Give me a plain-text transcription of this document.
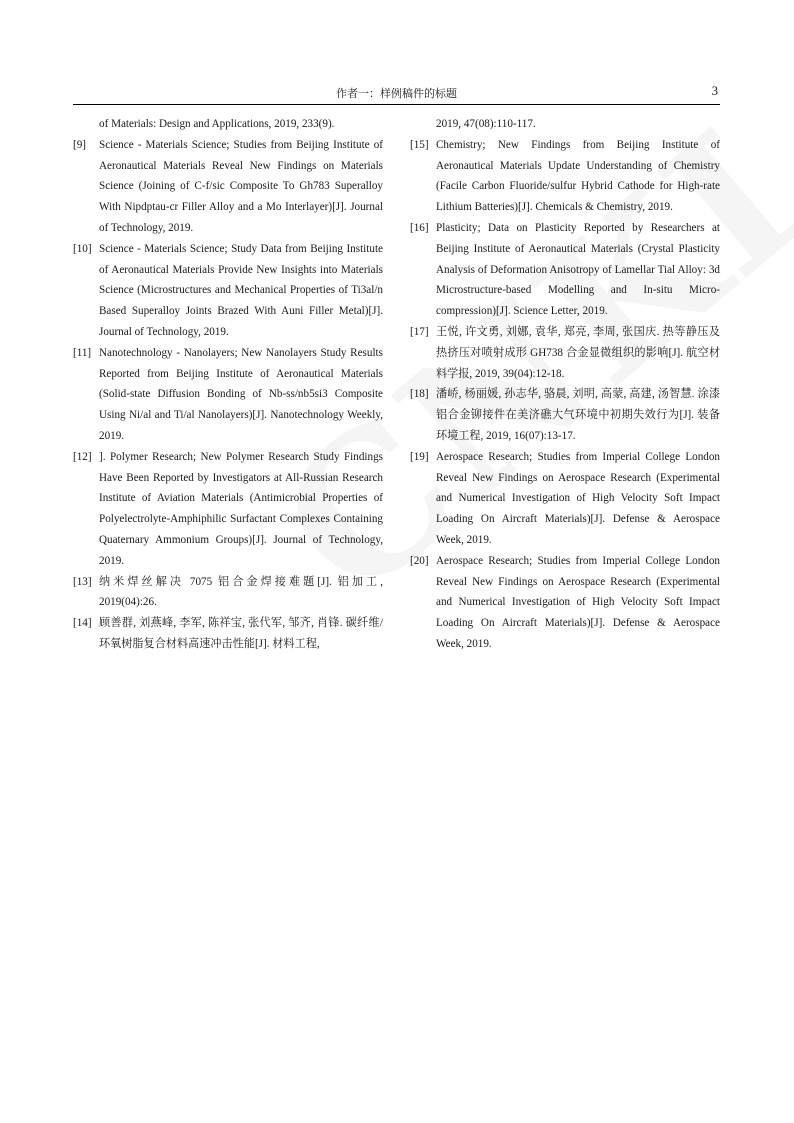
作者一：样例稿件的标题	3
of Materials: Design and Applications, 2019, 233(9).
[9]	Science - Materials Science; Studies from Beijing Institute of Aeronautical Materials Reveal New Findings on Materials Science (Joining of C-f/sic Composite To Gh783 Superalloy With Nipdptau-cr Filler Alloy and a Mo Interlayer)[J]. Journal of Technology, 2019.
[10] Science - Materials Science; Study Data from Beijing Institute of Aeronautical Materials Provide New Insights into Materials Science (Microstructures and Mechanical Properties of Ti3al/n Based Superalloy Joints Brazed With Auni Filler Metal)[J]. Journal of Technology, 2019.
[11] Nanotechnology - Nanolayers; New Nanolayers Study Results Reported from Beijing Institute of Aeronautical Materials (Solid-state Diffusion Bonding of Nb-ss/nb5si3 Composite Using Ni/al and Ti/al Nanolayers)[J]. Nanotechnology Weekly, 2019.
[12] ]. Polymer Research; New Polymer Research Study Findings Have Been Reported by Investigators at All-Russian Research Institute of Aviation Materials (Antimicrobial Properties of Polyelectrolyte-Amphiphilic Surfactant Complexes Containing Quaternary Ammonium Groups)[J]. Journal of Technology, 2019.
[13] 纳米焊丝解决 7075 铝合金焊接难题[J]. 铝加工, 2019(04):26.
[14] 顾善群, 刘燕峰, 李军, 陈祥宝, 张代军, 邹齐, 肖锋. 碳纤维/环氧树脂复合材料高速冲击性能[J]. 材料工程,
2019, 47(08):110-117.
[15] Chemistry; New Findings from Beijing Institute of Aeronautical Materials Update Understanding of Chemistry (Facile Carbon Fluoride/sulfur Hybrid Cathode for High-rate Lithium Batteries)[J]. Chemicals & Chemistry, 2019.
[16] Plasticity; Data on Plasticity Reported by Researchers at Beijing Institute of Aeronautical Materials (Crystal Plasticity Analysis of Deformation Anisotropy of Lamellar Tial Alloy: 3d Microstructure-based Modelling and In-situ Micro-compression)[J]. Science Letter, 2019.
[17] 王悦, 许文勇, 刘娜, 袁华, 郑亮, 李周, 张国庆. 热等静压及热挤压对喷射成形 GH738 合金显微组织的影响[J]. 航空材料学报, 2019, 39(04):12-18.
[18] 潘峤, 杨丽媛, 孙志华, 骆晨, 刘明, 高蒙, 高建, 汤智慧. 涂漆铝合金铆接件在美济礁大气环境中初期失效行为[J]. 装备环境工程, 2019, 16(07):13-17.
[19] Aerospace Research; Studies from Imperial College London Reveal New Findings on Aerospace Research (Experimental and Numerical Investigation of High Velocity Soft Impact Loading On Aircraft Materials)[J]. Defense & Aerospace Week, 2019.
[20] Aerospace Research; Studies from Imperial College London Reveal New Findings on Aerospace Research (Experimental and Numerical Investigation of High Velocity Soft Impact Loading On Aircraft Materials)[J]. Defense & Aerospace Week, 2019.
